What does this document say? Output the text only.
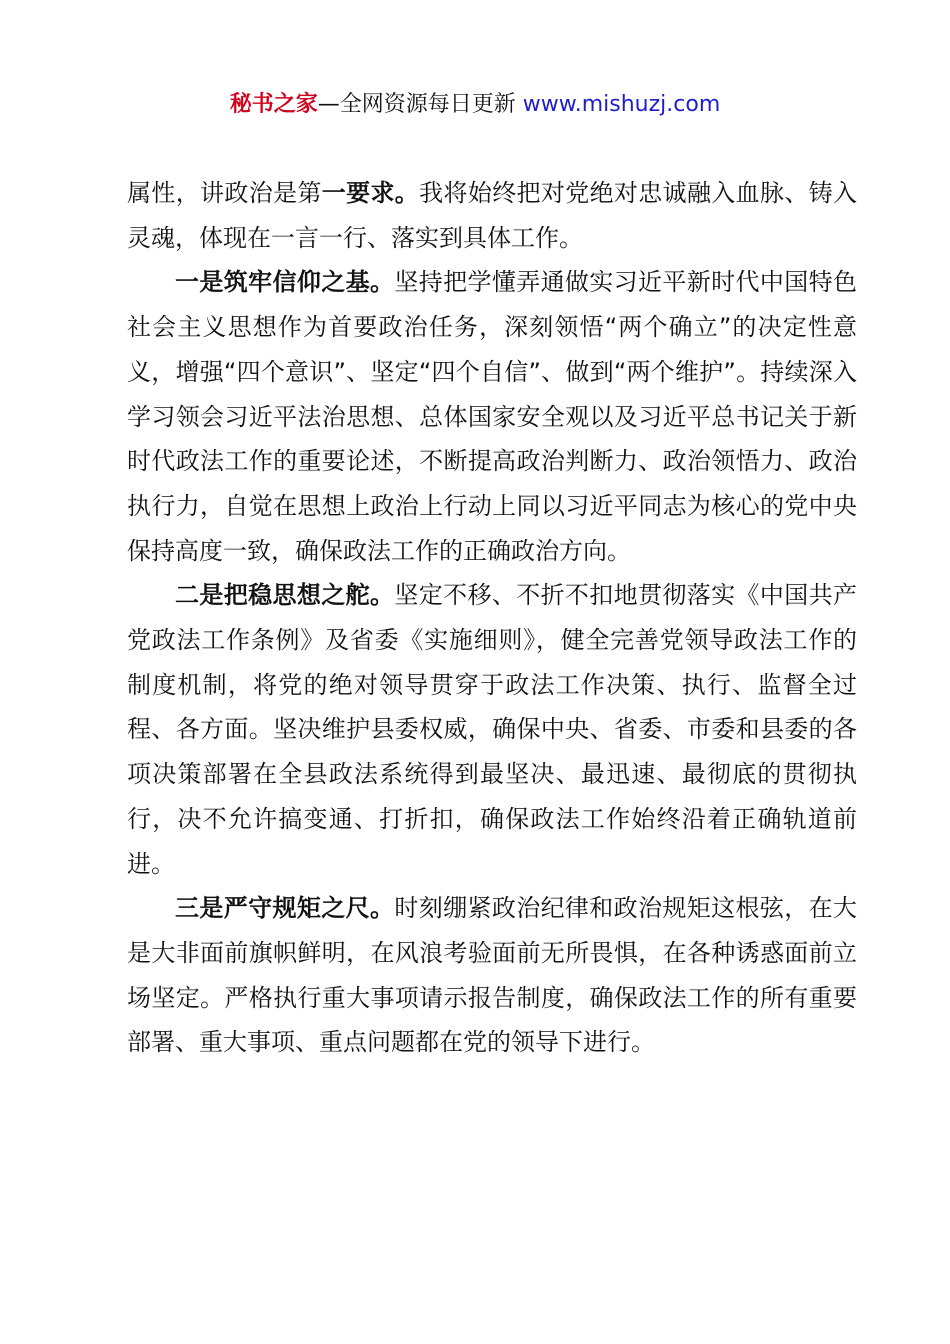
秘书之家—全网资源每日更新 www.mishuzj.com

属性，讲政治是第一要求。我将始终把对党绝对忠诚融入血脉、铸入灵魂，体现在一言一行、落实到具体工作。

一是筑牢信仰之基。坚持把学懂弄通做实习近平新时代中国特色社会主义思想作为首要政治任务，深刻领悟“两个确立”的决定性意义，增强“四个意识”、坚定“四个自信”、做到“两个维护”。持续深入学习领会习近平法治思想、总体国家安全观以及习近平总书记关于新时代政法工作的重要论述，不断提高政治判断力、政治领悟力、政治执行力，自觉在思想上政治上行动上同以习近平同志为核心的党中央保持高度一致，确保政法工作的正确政治方向。

二是把稳思想之舵。坚定不移、不折不扣地贯彻落实《中国共产党政法工作条例》及省委《实施细则》，健全完善党领导政法工作的制度机制，将党的绝对领导贯穿于政法工作决策、执行、监督全过程、各方面。坚决维护县委权威，确保中央、省委、市委和县委的各项决策部署在全县政法系统得到最坚决、最迅速、最彻底的贯彻执行，决不允许搞变通、打折扣，确保政法工作始终沿着正确轨道前进。

三是严守规矩之尺。时刻绷紧政治纪律和政治规矩这根弦，在大是大非面前旗帜鲜明，在风浪考验面前无所畏惧，在各种诱惑面前立场坚定。严格执行重大事项请示报告制度，确保政法工作的所有重要部署、重大事项、重点问题都在党的领导下进行。
